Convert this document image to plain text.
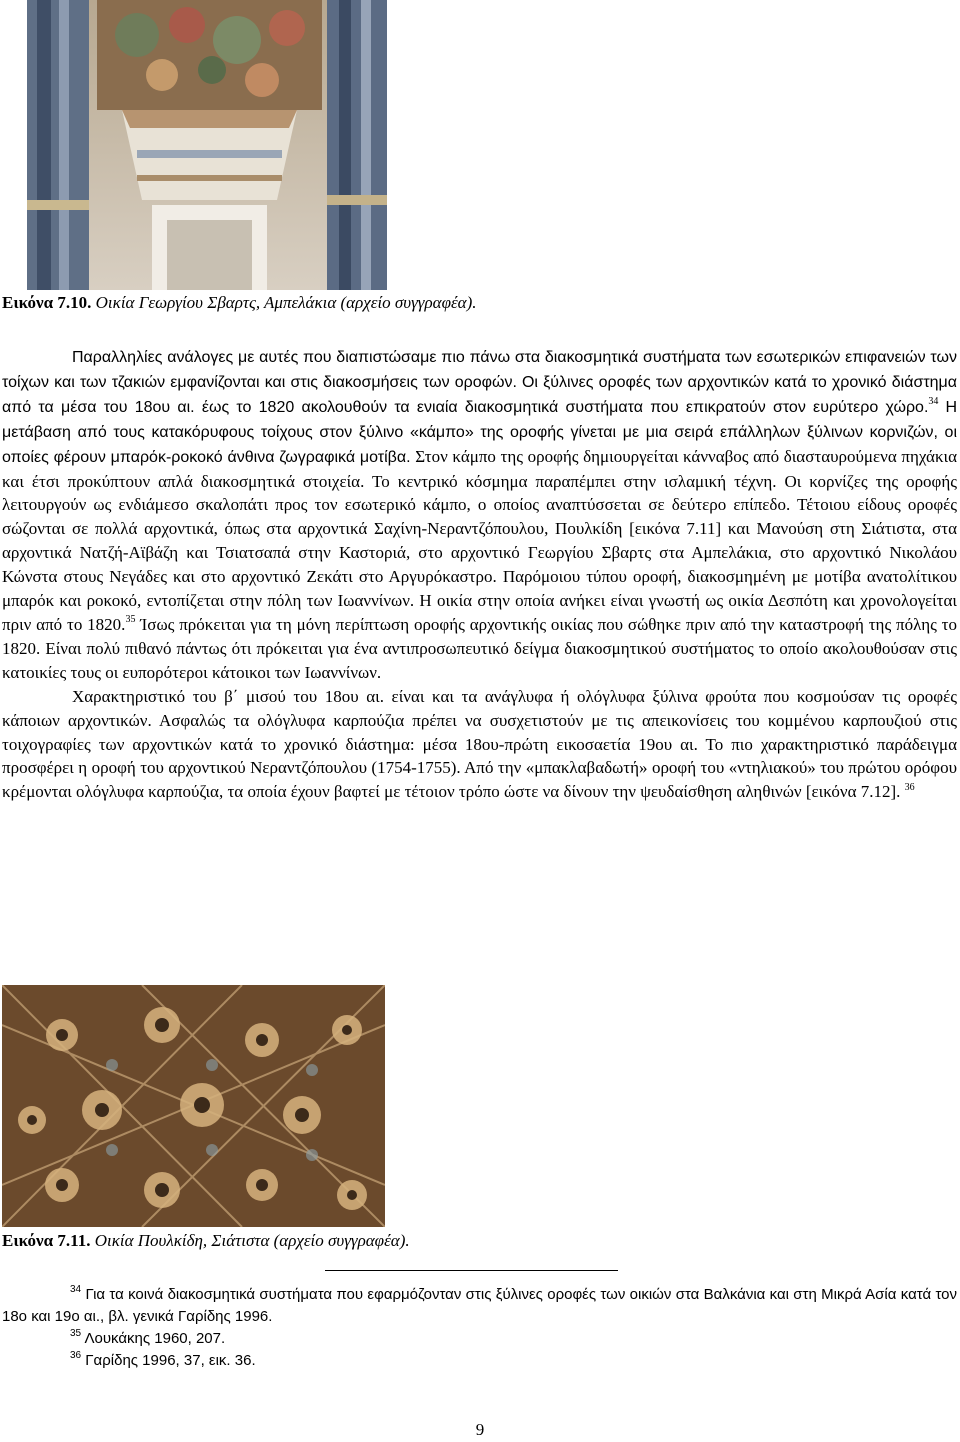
Εικόνα 7.10. Οικία Γεωργίου Σβαρτς, Αμπελάκια (αρχείο συγγραφέα).

Παραλληλίες ανάλογες με αυτές που διαπιστώσαμε πιο πάνω στα διακοσμητικά συστήματα των εσωτερικών επιφανειών των τοίχων και των τζακιών εμφανίζονται και στις διακοσμήσεις των οροφών. Οι ξύλινες οροφές των αρχοντικών κατά το χρονικό διάστημα από τα μέσα του 18ου αι. έως το 1820 ακολουθούν τα ενιαία διακοσμητικά συστήματα που επικρατούν στον ευρύτερο χώρο.$^{34}$ Η μετάβαση από τους κατακόρυφους τοίχους στον ξύλινο «κάμπο» της οροφής γίνεται με μια σειρά επάλληλων ξύλινων κορνιζών, οι οποίες φέρουν μπαρόκ-ροκοκό άνθινα ζωγραφικά μοτίβα. Στον κάμπο της οροφής δημιουργείται κάνναβος από διασταυρούμενα πηχάκια και έτσι προκύπτουν απλά διακοσμητικά στοιχεία. Το κεντρικό κόσμημα παραπέμπει στην ισλαμική τέχνη. Οι κορνίζες της οροφής λειτουργούν ως ενδιάμεσο σκαλοπάτι προς τον εσωτερικό κάμπο, ο οποίος αναπτύσσεται σε δεύτερο επίπεδο. Τέτοιου είδους οροφές σώζονται σε πολλά αρχοντικά, όπως στα αρχοντικά Σαχίνη-Νεραντζόπουλου, Πουλκίδη [εικόνα 7.11] και Μανούση στη Σιάτιστα, στα αρχοντικά Νατζή-Αϊβάζη και Τσιατσαπά στην Καστοριά, στο αρχοντικό Γεωργίου Σβαρτς στα Αμπελάκια, στο αρχοντικό Νικολάου Κώνστα στους Νεγάδες και στο αρχοντικό Ζεκάτι στο Αργυρόκαστρο. Παρόμοιου τύπου οροφή, διακοσμημένη με μοτίβα ανατολίτικου μπαρόκ και ροκοκό, εντοπίζεται στην πόλη των Ιωαννίνων. Η οικία στην οποία ανήκει είναι γνωστή ως οικία Δεσπότη και χρονολογείται πριν από το 1820.35 Ίσως πρόκειται για τη μόνη περίπτωση οροφής αρχοντικής οικίας που σώθηκε πριν από την καταστροφή της πόλης το 1820. Είναι πολύ πιθανό πάντως ότι πρόκειται για ένα αντιπροσωπευτικό δείγμα διακοσμητικού συστήματος το οποίο ακολουθούσαν στις κατοικίες τους οι ευπορότεροι κάτοικοι των Ιωαννίνων.

Χαρακτηριστικό του β΄ μισού του 18ου αι. είναι και τα ανάγλυφα ή ολόγλυφα ξύλινα φρούτα που κοσμούσαν τις οροφές κάποιων αρχοντικών. Ασφαλώς τα ολόγλυφα καρπούζια πρέπει να συσχετιστούν με τις απεικονίσεις του κομμένου καρπουζιού στις τοιχογραφίες των αρχοντικών κατά το χρονικό διάστημα: μέσα 18ου-πρώτη εικοσαετία 19ου αι. Το πιο χαρακτηριστικό παράδειγμα προσφέρει η οροφή του αρχοντικού Νεραντζόπουλου (1754-1755). Από την «μπακλαβαδωτή» οροφή του «ντηλιακού» του πρώτου ορόφου κρέμονται ολόγλυφα καρπούζια, τα οποία έχουν βαφτεί με τέτοιον τρόπο ώστε να δίνουν την ψευδαίσθηση αληθινών [εικόνα 7.12]. $^{36}$

Εικόνα 7.11. Οικία Πουλκίδη, Σιάτιστα (αρχείο συγγραφέα).

$^{34}$ Για τα κοινά διακοσμητικά συστήματα που εφαρμόζονταν στις ξύλινες οροφές των οικιών στα Βαλκάνια και στη Μικρά Ασία κατά τον 18ο και 19ο αι., βλ. γενικά Γαρίδης 1996.

$^{35}$ Λουκάκης 1960, 207.

$^{36}$ Γαρίδης 1996, 37, εικ. 36.

9
